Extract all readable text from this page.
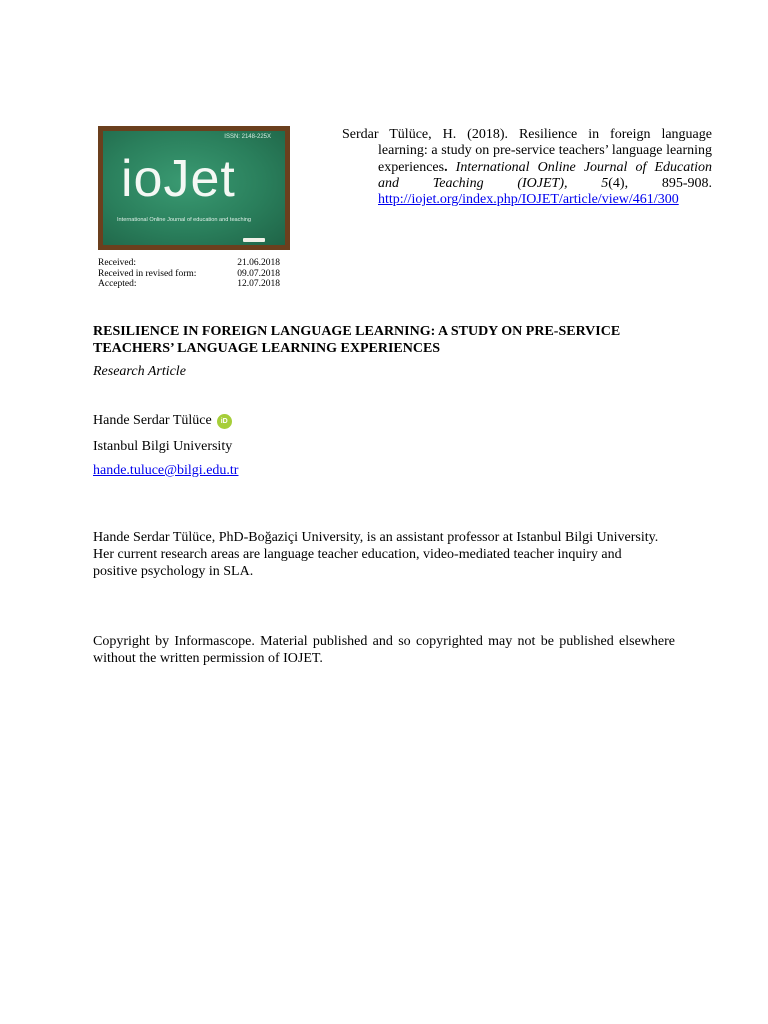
ISSN: 2148-225X
ioJet
International Online Journal of education and teaching
Received:	21.06.2018
Received in revised form:	09.07.2018
Accepted:	12.07.2018
Serdar Tülüce, H. (2018). Resilience in foreign language learning: a study on pre-service teachers’ language learning experiences. International Online Journal of Education and Teaching (IOJET), 5(4), 895-908. http://iojet.org/index.php/IOJET/article/view/461/300
RESILIENCE IN FOREIGN LANGUAGE LEARNING: A STUDY ON PRE-SERVICE TEACHERS’ LANGUAGE LEARNING EXPERIENCES
Research Article
Hande Serdar Tülüce	iD
Istanbul Bilgi University
hande.tuluce@bilgi.edu.tr
Hande Serdar Tülüce, PhD-Boğaziçi University, is an assistant professor at Istanbul Bilgi University. Her current research areas are language teacher education, video-mediated teacher inquiry and positive psychology in SLA.
Copyright by Informascope. Material published and so copyrighted may not be published elsewhere without the written permission of IOJET.
